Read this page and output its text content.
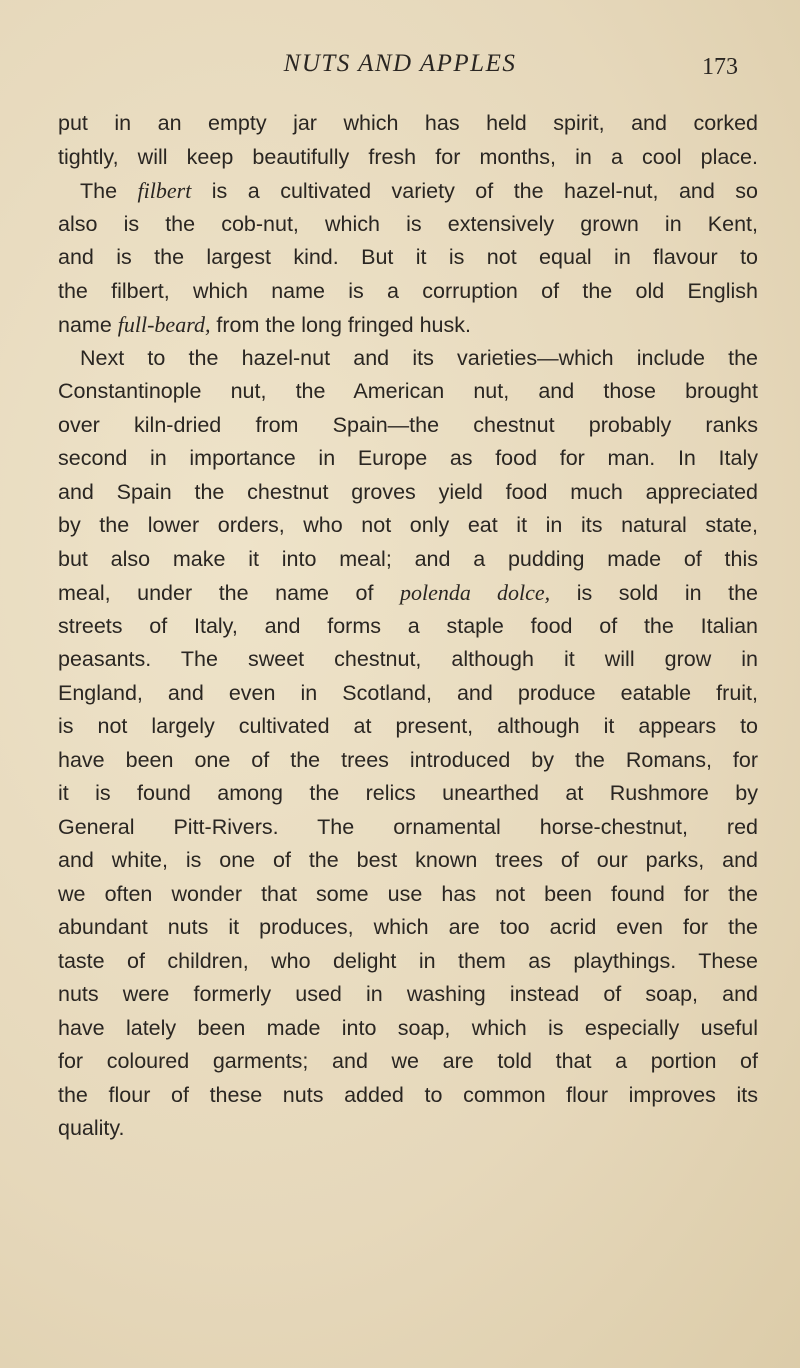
NUTS AND APPLES	173
put in an empty jar which has held spirit, and corked
tightly, will keep beautifully fresh for months, in a cool place.
The filbert is a cultivated variety of the hazel-nut, and so
also is the cob-nut, which is extensively grown in Kent,
and is the largest kind. But it is not equal in flavour to
the filbert, which name is a corruption of the old English
name full-beard, from the long fringed husk.
Next to the hazel-nut and its varieties—which include the
Constantinople nut, the American nut, and those brought
over kiln-dried from Spain—the chestnut probably ranks
second in importance in Europe as food for man. In Italy
and Spain the chestnut groves yield food much appreciated
by the lower orders, who not only eat it in its natural state,
but also make it into meal; and a pudding made of this
meal, under the name of polenda dolce, is sold in the
streets of Italy, and forms a staple food of the Italian
peasants. The sweet chestnut, although it will grow in
England, and even in Scotland, and produce eatable fruit,
is not largely cultivated at present, although it appears to
have been one of the trees introduced by the Romans, for
it is found among the relics unearthed at Rushmore by
General Pitt-Rivers. The ornamental horse-chestnut, red
and white, is one of the best known trees of our parks, and
we often wonder that some use has not been found for the
abundant nuts it produces, which are too acrid even for the
taste of children, who delight in them as playthings. These
nuts were formerly used in washing instead of soap, and
have lately been made into soap, which is especially useful
for coloured garments; and we are told that a portion of
the flour of these nuts added to common flour improves its
quality.
